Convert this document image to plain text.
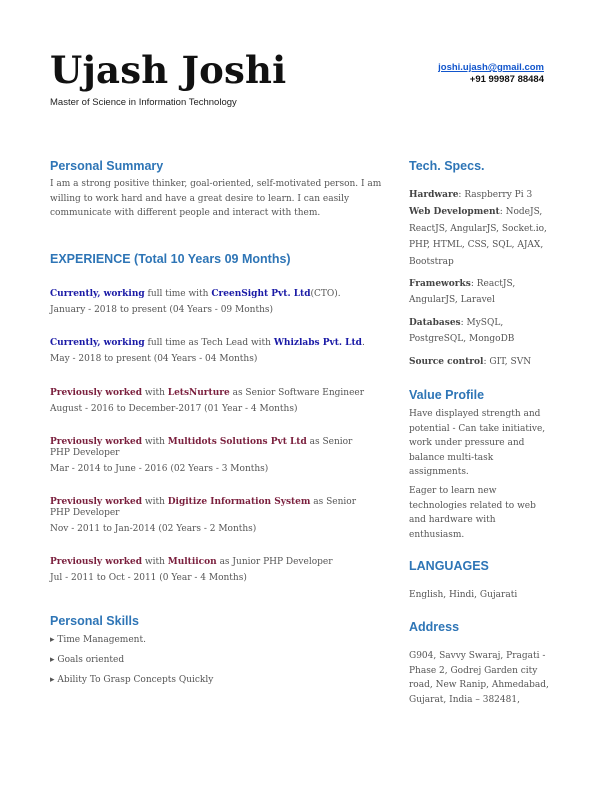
Ujash Joshi
Master of Science in Information Technology
joshi.ujash@gmail.com
+91 99987 88484
Personal Summary
I am a strong positive thinker, goal-oriented, self-motivated person. I am willing to work hard and have a great desire to learn. I can easily communicate with different people and interact with them.
EXPERIENCE (Total 10 Years 09 Months)
Currently, working full time with CreenSight Pvt. Ltd(CTO).
January - 2018 to present (04 Years - 09 Months)
Currently, working full time as Tech Lead with Whizlabs Pvt. Ltd.
May - 2018 to present (04 Years - 04 Months)
Previously worked with LetsNurture as Senior Software Engineer
August - 2016 to December-2017 (01 Year - 4 Months)
Previously worked with Multidots Solutions Pvt Ltd as Senior PHP Developer
Mar - 2014 to June - 2016 (02 Years - 3 Months)
Previously worked with Digitize Information System as Senior PHP Developer
Nov - 2011 to Jan-2014 (02 Years - 2 Months)
Previously worked with Multiicon as Junior PHP Developer
Jul - 2011 to Oct - 2011 (0 Year - 4 Months)
Personal Skills
▸ Time Management.
▸ Goals oriented
▸ Ability To Grasp Concepts Quickly
Tech. Specs.
Hardware: Raspberry Pi 3
Web Development: NodeJS, ReactJS, AngularJS, Socket.io, PHP, HTML, CSS, SQL, AJAX, Bootstrap
Frameworks: ReactJS, AngularJS, Laravel
Databases: MySQL, PostgreSQL, MongoDB
Source control: GIT, SVN
Value Profile
Have displayed strength and potential - Can take initiative, work under pressure and balance multi-task assignments.
Eager to learn new technologies related to web and hardware with enthusiasm.
LANGUAGES
English, Hindi, Gujarati
Address
G904, Savvy Swaraj, Pragati - Phase 2, Godrej Garden city road, New Ranip, Ahmedabad, Gujarat, India – 382481,
